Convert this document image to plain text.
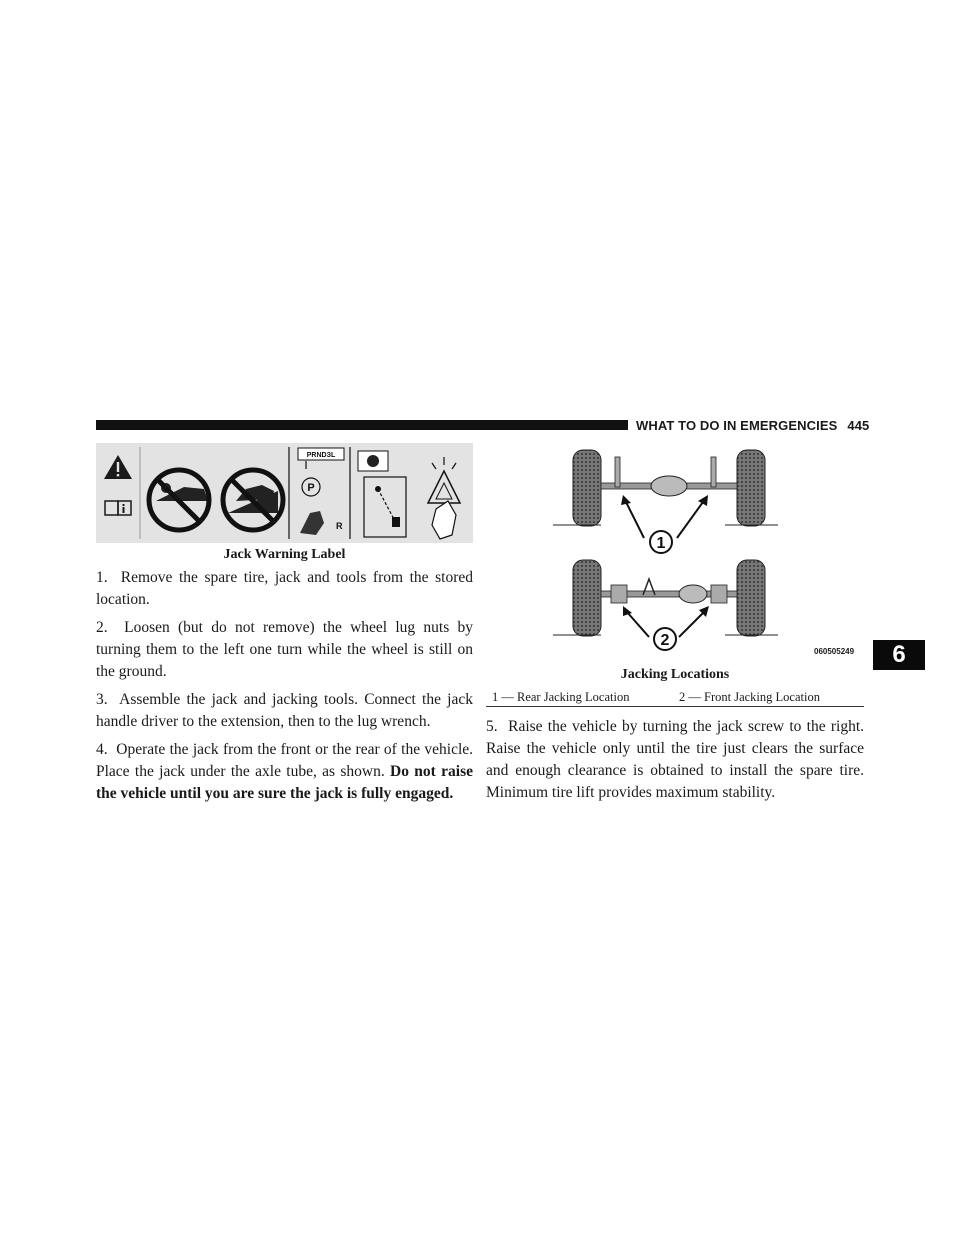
WHAT TO DO IN EMERGENCIES 445
PRNDЗL
P
R
Jack Warning Label

1. Remove the spare tire, jack and tools from the stored location.

2. Loosen (but do not remove) the wheel lug nuts by turning them to the left one turn while the wheel is still on the ground.

3. Assemble the jack and jacking tools. Connect the jack handle driver to the extension, then to the lug wrench.

4. Operate the jack from the front or the rear of the vehicle. Place the jack under the axle tube, as shown. Do not raise the vehicle until you are sure the jack is fully engaged.

1
2
060505249
Jacking Locations
1 — Rear Jacking Location	2 — Front Jacking Location

5. Raise the vehicle by turning the jack screw to the right. Raise the vehicle only until the tire just clears the surface and enough clearance is obtained to install the spare tire. Minimum tire lift provides maximum stability.

6
